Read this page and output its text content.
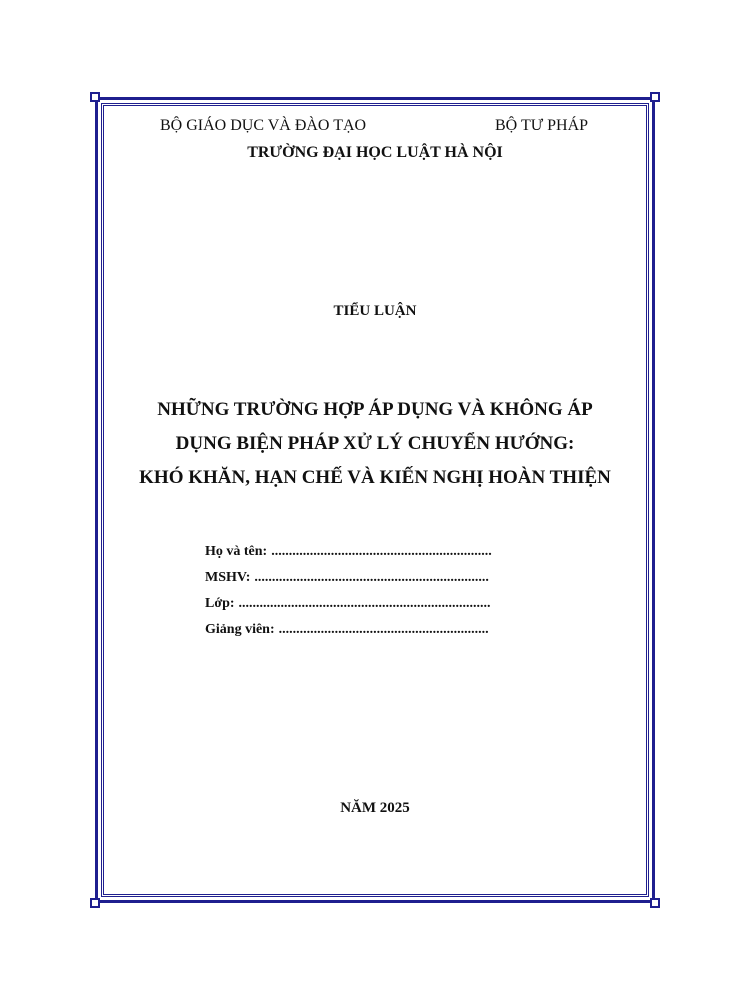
BỘ GIÁO DỤC VÀ ĐÀO TẠO	BỘ TƯ PHÁP
TRƯỜNG ĐẠI HỌC LUẬT HÀ NỘI
TIỂU LUẬN
NHỮNG TRƯỜNG HỢP ÁP DỤNG VÀ KHÔNG ÁP
DỤNG BIỆN PHÁP XỬ LÝ CHUYỂN HƯỚNG:
KHÓ KHĂN, HẠN CHẾ VÀ KIẾN NGHỊ HOÀN THIỆN
Họ và tên: ...............................................................
MSHV: ...................................................................
Lớp: ........................................................................
Giảng viên: ............................................................
NĂM 2025
